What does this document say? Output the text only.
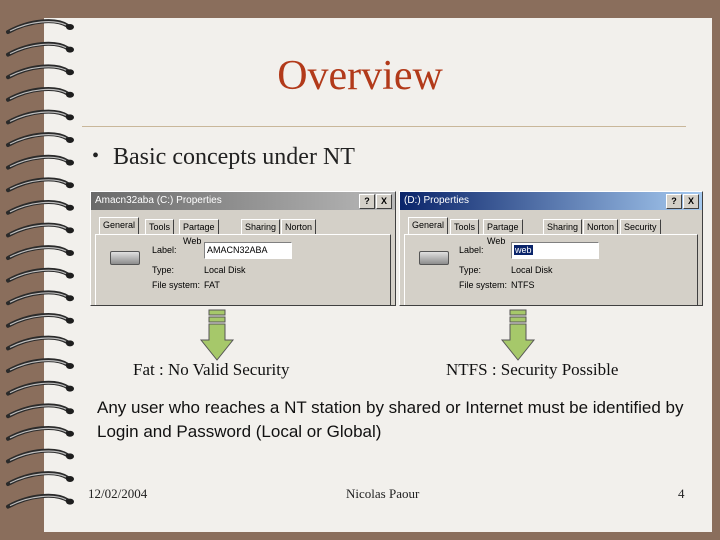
Overview
• Basic concepts under NT
Amacn32aba (C:) Properties	?	X
General	Tools	Partage Web
Sharing Norton
Label:	AMACN32ABA
Type:	Local Disk
File system: FAT
(D:) Properties	?	X
General	Tools	Partage Web
Sharing Norton	Security
Label:	web
Type:	Local Disk
File system: NTFS
Fat : No Valid Security	NTFS : Security Possible
Any user who reaches a NT station by shared or Internet must be identified by Login and Password (Local or Global)
12/02/2004	Nicolas Paour	4
